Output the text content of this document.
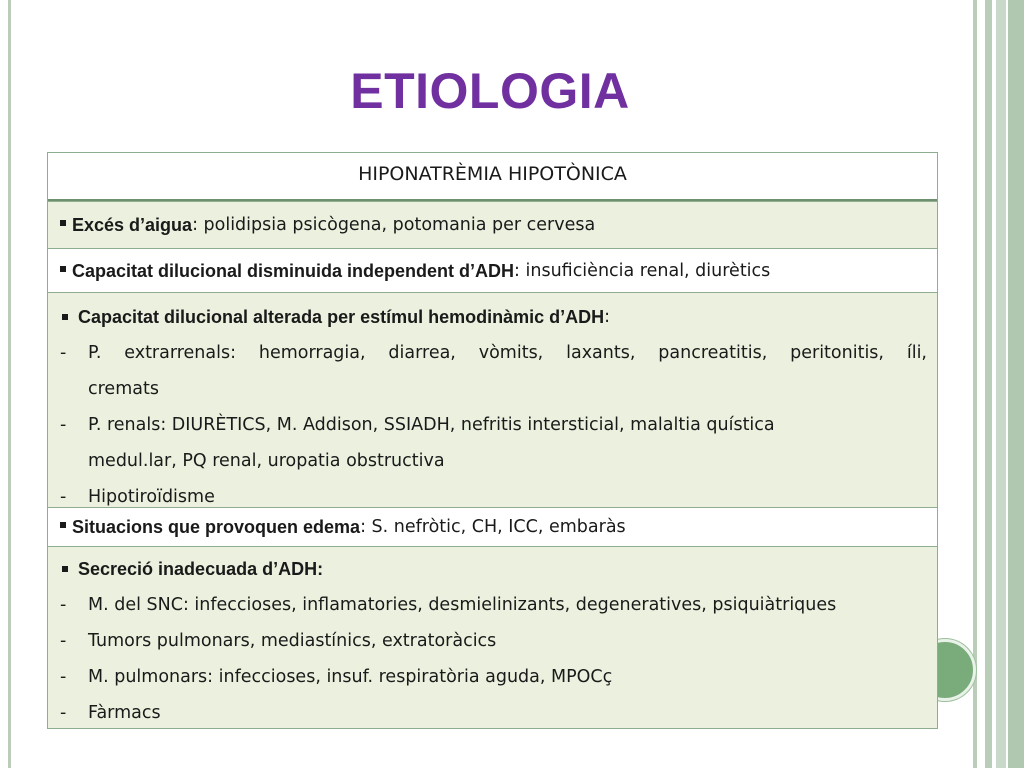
ETIOLOGIA
HIPONATRÈMIA HIPOTÒNICA
Excés d’aigua : polidipsia psicògena, potomania per cervesa
Capacitat dilucional disminuida independent d’ADH : insuficiència renal, diurètics
Capacitat dilucional alterada per estímul hemodinàmic d’ADH :
-	P. extrarrenals: hemorragia, diarrea, vòmits, laxants, pancreatitis, peritonitis, íli,
cremats
-	P. renals: DIURÈTICS, M. Addison, SSIADH, nefritis intersticial, malaltia quística
medul.lar, PQ renal, uropatia obstructiva
-	Hipotiroïdisme
Situacions que provoquen edema : S. nefròtic, CH, ICC, embaràs
Secreció inadecuada d’ADH:
-	M. del SNC: infeccioses, inflamatories, desmielinizants, degeneratives, psiquiàtriques
-	Tumors pulmonars, mediastínics, extratoràcics
-	M. pulmonars: infeccioses, insuf. respiratòria aguda, MPOCç
-	Fàrmacs
